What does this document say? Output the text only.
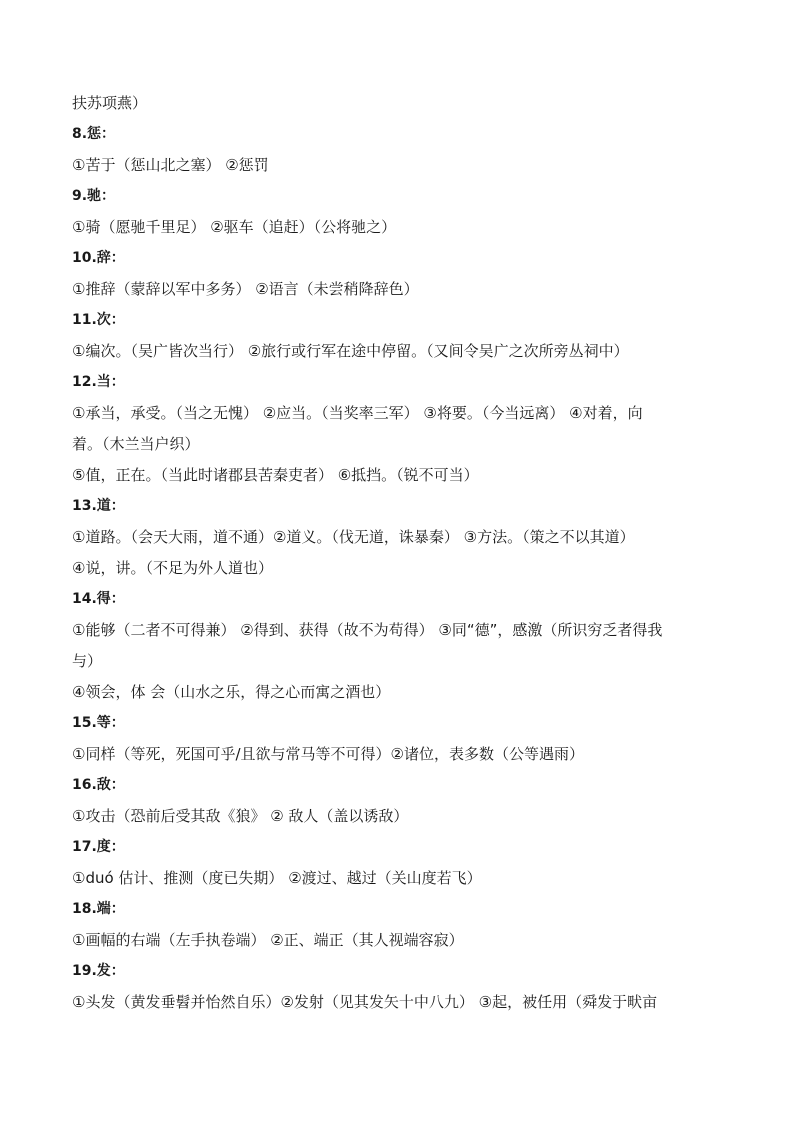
扶苏项燕）
8.惩：
①苦于（惩山北之塞） ②惩罚
9.驰：
①骑（愿驰千里足） ②驱车（追赶）（公将驰之）
10.辞：
①推辞（蒙辞以军中多务） ②语言（未尝稍降辞色）
11.次：
①编次。（吴广皆次当行） ②旅行或行军在途中停留。（又间令吴广之次所旁丛祠中）
12.当：
①承当，承受。（当之无愧） ②应当。（当奖率三军） ③将要。（今当远离） ④对着，向
着。（木兰当户织）
⑤值，正在。（当此时诸郡县苦秦吏者） ⑥抵挡。（锐不可当）
13.道：
①道路。（会天大雨，道不通）②道义。（伐无道，诛暴秦） ③方法。（策之不以其道）
④说，讲。（不足为外人道也）
14.得：
①能够（二者不可得兼） ②得到、获得（故不为苟得） ③同“德”，感激（所识穷乏者得我
与）
④领会，体 会（山水之乐，得之心而寓之酒也）
15.等：
①同样（等死，死国可乎/且欲与常马等不可得）②诸位，表多数（公等遇雨）
16.敌：
①攻击（恐前后受其敌《狼》 ② 敌人（盖以诱敌）
17.度：
①duó 估计、推测（度已失期） ②渡过、越过（关山度若飞）
18.端：
①画幅的右端（左手执卷端） ②正、端正（其人视端容寂）
19.发：
①头发（黄发垂髫并怡然自乐）②发射（见其发矢十中八九） ③起，被任用（舜发于畎亩
